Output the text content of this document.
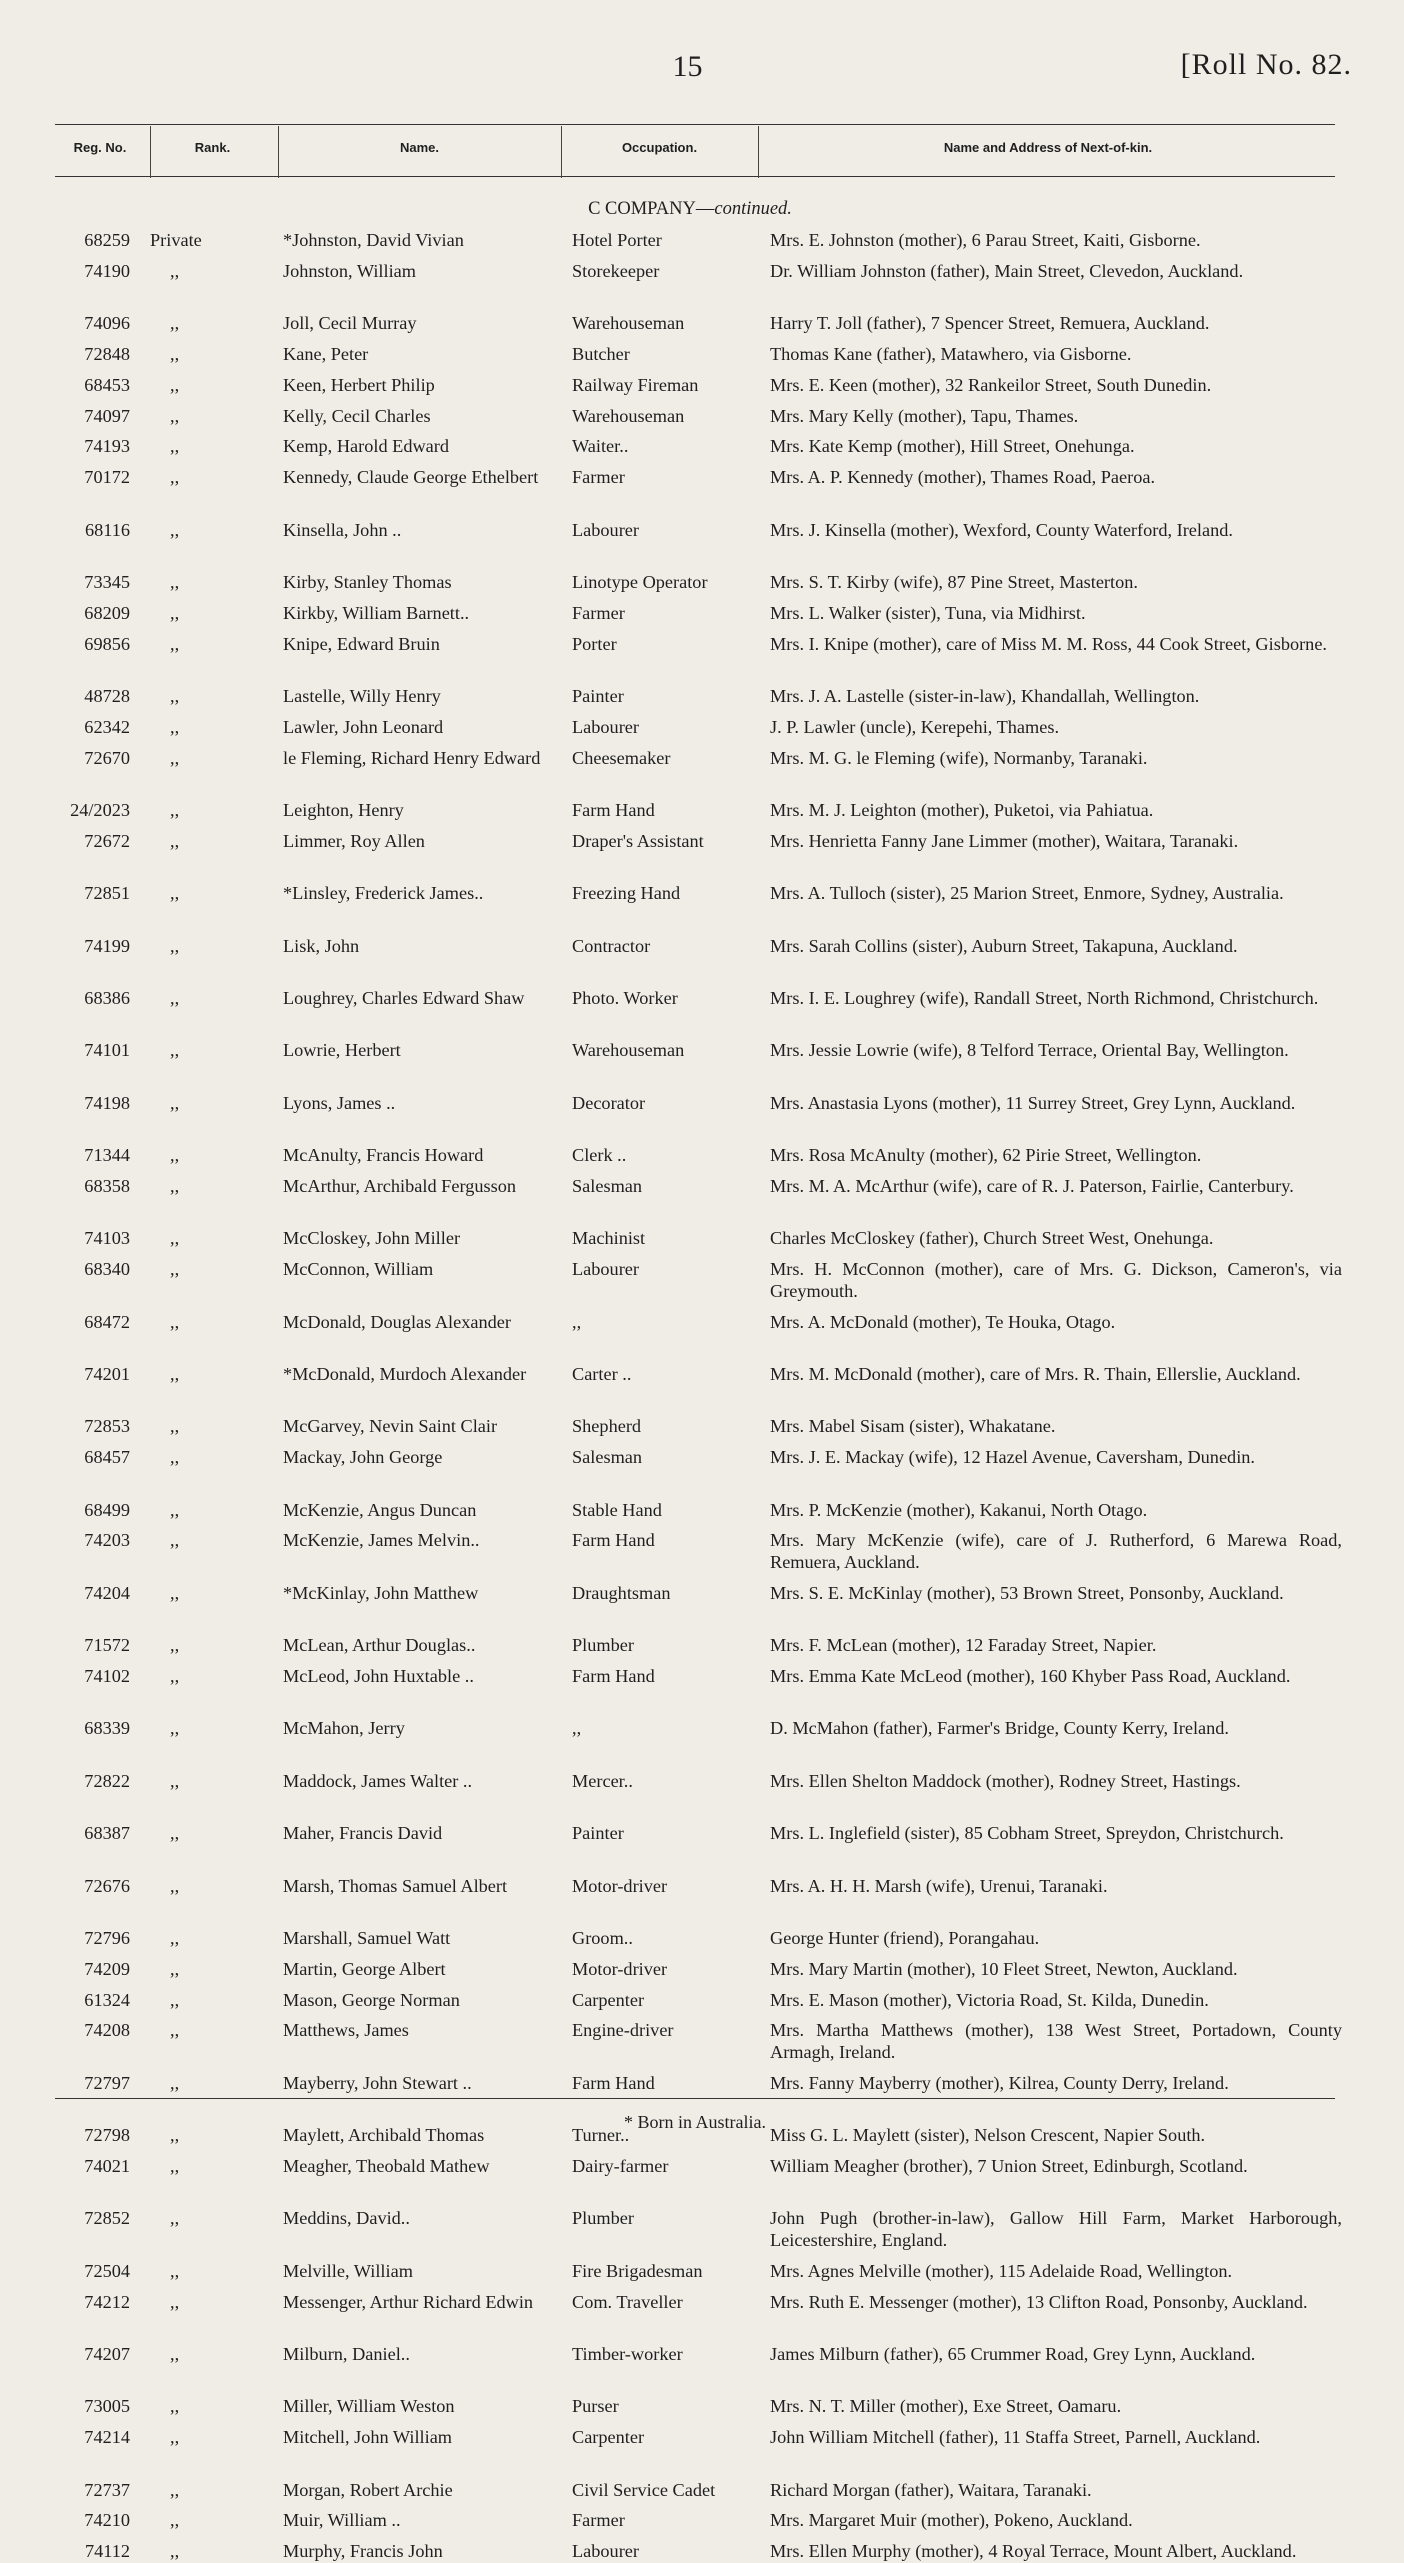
15	[Roll No. 82.
Reg. No.	Rank.	Name.	Occupation.	Name and Address of Next-of-kin.
C COMPANY—continued.
68259 Private	*Johnston, David Vivian	Hotel Porter	Mrs. E. Johnston (mother), 6 Parau Street, Kaiti, Gisborne.
74190	,,	Johnston, William	Storekeeper	Dr. William Johnston (father), Main Street, Clevedon, Auckland.
74096	,,	Joll, Cecil Murray	Warehouseman	Harry T. Joll (father), 7 Spencer Street, Remuera, Auckland.
72848	,,	Kane, Peter	Butcher	Thomas Kane (father), Matawhero, via Gisborne.
68453	,,	Keen, Herbert Philip	Railway Fireman	Mrs. E. Keen (mother), 32 Rankeilor Street, South Dunedin.
74097	,,	Kelly, Cecil Charles	Warehouseman	Mrs. Mary Kelly (mother), Tapu, Thames.
74193	,,	Kemp, Harold Edward	Waiter..	Mrs. Kate Kemp (mother), Hill Street, Onehunga.
70172	,,	Kennedy, Claude George Ethelbert	Farmer	Mrs. A. P. Kennedy (mother), Thames Road, Paeroa.
68116	,,	Kinsella, John ..	Labourer	Mrs. J. Kinsella (mother), Wexford, County Waterford, Ireland.
73345	,,	Kirby, Stanley Thomas	Linotype Operator	Mrs. S. T. Kirby (wife), 87 Pine Street, Masterton.
68209	,,	Kirkby, William Barnett..	Farmer	Mrs. L. Walker (sister), Tuna, via Midhirst.
69856	,,	Knipe, Edward Bruin	Porter	Mrs. I. Knipe (mother), care of Miss M. M. Ross, 44 Cook Street, Gisborne.
48728	,,	Lastelle, Willy Henry	Painter	Mrs. J. A. Lastelle (sister-in-law), Khandallah, Wellington.
62342	,,	Lawler, John Leonard	Labourer	J. P. Lawler (uncle), Kerepehi, Thames.
72670	,,	le Fleming, Richard Henry Edward	Cheesemaker	Mrs. M. G. le Fleming (wife), Normanby, Taranaki.
24/2023	,,	Leighton, Henry	Farm Hand	Mrs. M. J. Leighton (mother), Puketoi, via Pahiatua.
72672	,,	Limmer, Roy Allen	Draper's Assistant	Mrs. Henrietta Fanny Jane Limmer (mother), Waitara, Taranaki.
72851	,,	*Linsley, Frederick James..	Freezing Hand	Mrs. A. Tulloch (sister), 25 Marion Street, Enmore, Sydney, Australia.
74199	,,	Lisk, John	Contractor	Mrs. Sarah Collins (sister), Auburn Street, Takapuna, Auckland.
68386	,,	Loughrey, Charles Edward Shaw	Photo. Worker	Mrs. I. E. Loughrey (wife), Randall Street, North Richmond, Christchurch.
74101	,,	Lowrie, Herbert	Warehouseman	Mrs. Jessie Lowrie (wife), 8 Telford Terrace, Oriental Bay, Wellington.
74198	,,	Lyons, James ..	Decorator	Mrs. Anastasia Lyons (mother), 11 Surrey Street, Grey Lynn, Auckland.
71344	,,	McAnulty, Francis Howard	Clerk ..	Mrs. Rosa McAnulty (mother), 62 Pirie Street, Wellington.
68358	,,	McArthur, Archibald Fergusson	Salesman	Mrs. M. A. McArthur (wife), care of R. J. Paterson, Fairlie, Canterbury.
74103	,,	McCloskey, John Miller	Machinist	Charles McCloskey (father), Church Street West, Onehunga.
68340	,,	McConnon, William	Labourer	Mrs. H. McConnon (mother), care of Mrs. G. Dickson, Cameron's, via Greymouth.
68472	,,	McDonald, Douglas Alexander	,,	Mrs. A. McDonald (mother), Te Houka, Otago.
74201	,,	*McDonald, Murdoch Alexander	Carter ..	Mrs. M. McDonald (mother), care of Mrs. R. Thain, Ellerslie, Auckland.
72853	,,	McGarvey, Nevin Saint Clair	Shepherd	Mrs. Mabel Sisam (sister), Whakatane.
68457	,,	Mackay, John George	Salesman	Mrs. J. E. Mackay (wife), 12 Hazel Avenue, Caversham, Dunedin.
68499	,,	McKenzie, Angus Duncan	Stable Hand	Mrs. P. McKenzie (mother), Kakanui, North Otago.
74203	,,	McKenzie, James Melvin..	Farm Hand	Mrs. Mary McKenzie (wife), care of J. Rutherford, 6 Marewa Road, Remuera, Auckland.
74204	,,	*McKinlay, John Matthew	Draughtsman	Mrs. S. E. McKinlay (mother), 53 Brown Street, Ponsonby, Auckland.
71572	,,	McLean, Arthur Douglas..	Plumber	Mrs. F. McLean (mother), 12 Faraday Street, Napier.
74102	,,	McLeod, John Huxtable ..	Farm Hand	Mrs. Emma Kate McLeod (mother), 160 Khyber Pass Road, Auckland.
68339	,,	McMahon, Jerry	,,	D. McMahon (father), Farmer's Bridge, County Kerry, Ireland.
72822	,,	Maddock, James Walter ..	Mercer..	Mrs. Ellen Shelton Maddock (mother), Rodney Street, Hastings.
68387	,,	Maher, Francis David	Painter	Mrs. L. Inglefield (sister), 85 Cobham Street, Spreydon, Christchurch.
72676	,,	Marsh, Thomas Samuel Albert	Motor-driver	Mrs. A. H. H. Marsh (wife), Urenui, Taranaki.
72796	,,	Marshall, Samuel Watt	Groom..	George Hunter (friend), Porangahau.
74209	,,	Martin, George Albert	Motor-driver	Mrs. Mary Martin (mother), 10 Fleet Street, Newton, Auckland.
61324	,,	Mason, George Norman	Carpenter	Mrs. E. Mason (mother), Victoria Road, St. Kilda, Dunedin.
74208	,,	Matthews, James	Engine-driver	Mrs. Martha Matthews (mother), 138 West Street, Portadown, County Armagh, Ireland.
72797	,,	Mayberry, John Stewart ..	Farm Hand	Mrs. Fanny Mayberry (mother), Kilrea, County Derry, Ireland.
72798	,,	Maylett, Archibald Thomas	Turner..	Miss G. L. Maylett (sister), Nelson Crescent, Napier South.
74021	,,	Meagher, Theobald Mathew	Dairy-farmer	William Meagher (brother), 7 Union Street, Edinburgh, Scotland.
72852	,,	Meddins, David..	Plumber	John Pugh (brother-in-law), Gallow Hill Farm, Market Harborough, Leicestershire, England.
72504	,,	Melville, William	Fire Brigadesman	Mrs. Agnes Melville (mother), 115 Adelaide Road, Wellington.
74212	,,	Messenger, Arthur Richard Edwin	Com. Traveller	Mrs. Ruth E. Messenger (mother), 13 Clifton Road, Ponsonby, Auckland.
74207	,,	Milburn, Daniel..	Timber-worker	James Milburn (father), 65 Crummer Road, Grey Lynn, Auckland.
73005	,,	Miller, William Weston	Purser	Mrs. N. T. Miller (mother), Exe Street, Oamaru.
74214	,,	Mitchell, John William	Carpenter	John William Mitchell (father), 11 Staffa Street, Parnell, Auckland.
72737	,,	Morgan, Robert Archie	Civil Service Cadet	Richard Morgan (father), Waitara, Taranaki.
74210	,,	Muir, William ..	Farmer	Mrs. Margaret Muir (mother), Pokeno, Auckland.
74112	,,	Murphy, Francis John	Labourer	Mrs. Ellen Murphy (mother), 4 Royal Terrace, Mount Albert, Auckland.
* Born in Australia.
